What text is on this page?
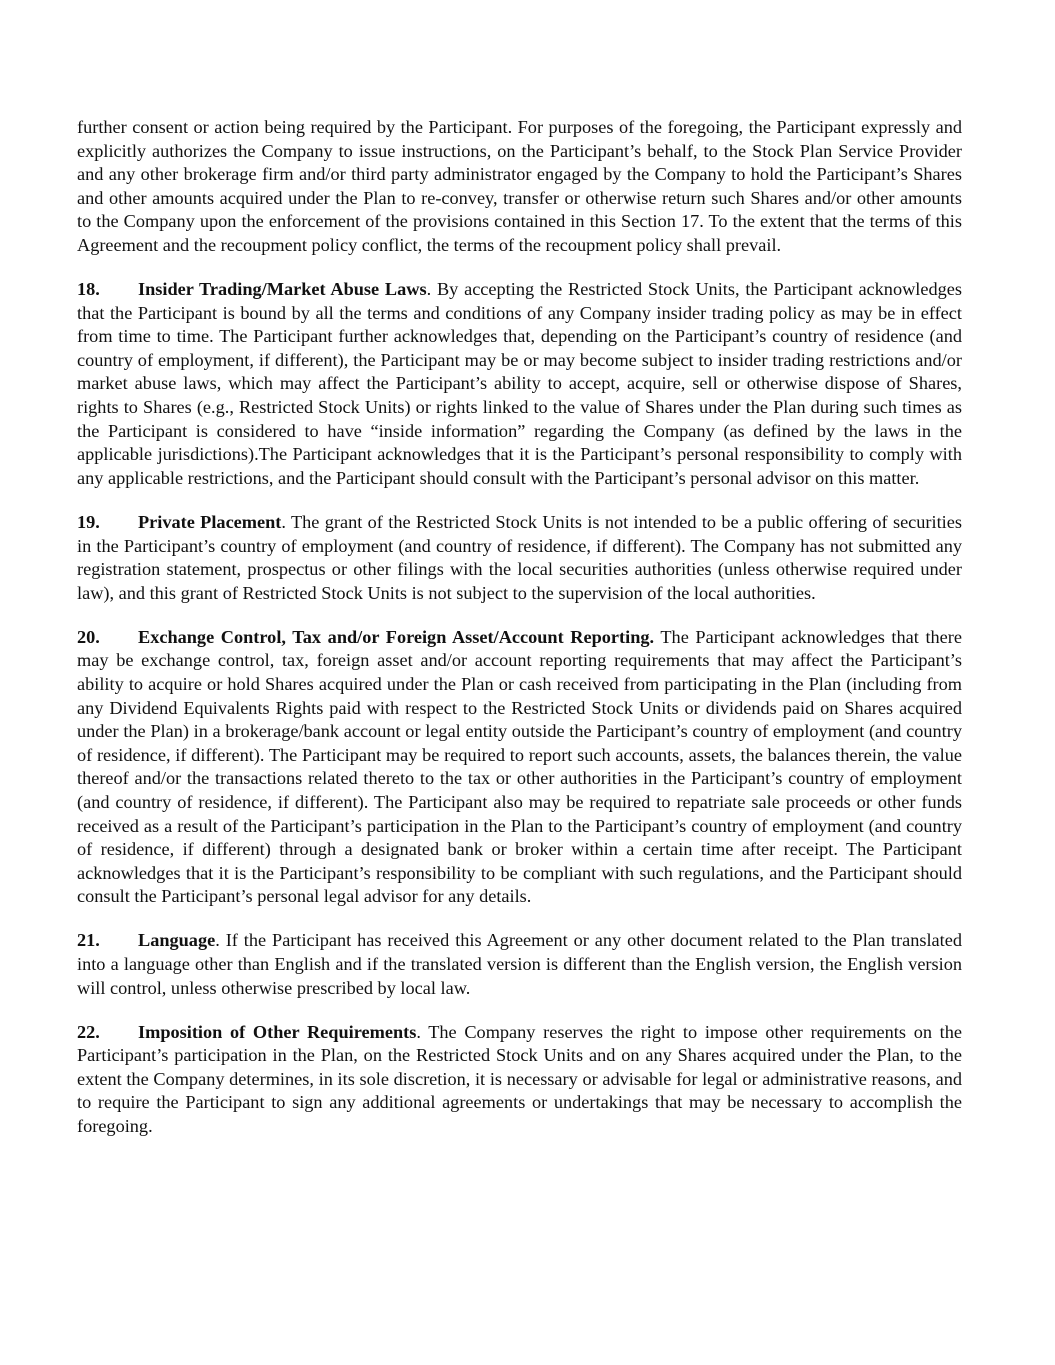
further consent or action being required by the Participant. For purposes of the foregoing, the Participant expressly and explicitly authorizes the Company to issue instructions, on the Participant’s behalf, to the Stock Plan Service Provider and any other brokerage firm and/or third party administrator engaged by the Company to hold the Participant’s Shares and other amounts acquired under the Plan to re-convey, transfer or otherwise return such Shares and/or other amounts to the Company upon the enforcement of the provisions contained in this Section 17. To the extent that the terms of this Agreement and the recoupment policy conflict, the terms of the recoupment policy shall prevail.

18. Insider Trading/Market Abuse Laws. By accepting the Restricted Stock Units, the Participant acknowledges that the Participant is bound by all the terms and conditions of any Company insider trading policy as may be in effect from time to time. The Participant further acknowledges that, depending on the Participant’s country of residence (and country of employment, if different), the Participant may be or may become subject to insider trading restrictions and/or market abuse laws, which may affect the Participant’s ability to accept, acquire, sell or otherwise dispose of Shares, rights to Shares (e.g., Restricted Stock Units) or rights linked to the value of Shares under the Plan during such times as the Participant is considered to have “inside information” regarding the Company (as defined by the laws in the applicable jurisdictions).The Participant acknowledges that it is the Participant’s personal responsibility to comply with any applicable restrictions, and the Participant should consult with the Participant’s personal advisor on this matter.

19. Private Placement. The grant of the Restricted Stock Units is not intended to be a public offering of securities in the Participant’s country of employment (and country of residence, if different). The Company has not submitted any registration statement, prospectus or other filings with the local securities authorities (unless otherwise required under law), and this grant of Restricted Stock Units is not subject to the supervision of the local authorities.

20. Exchange Control, Tax and/or Foreign Asset/Account Reporting. The Participant acknowledges that there may be exchange control, tax, foreign asset and/or account reporting requirements that may affect the Participant’s ability to acquire or hold Shares acquired under the Plan or cash received from participating in the Plan (including from any Dividend Equivalents Rights paid with respect to the Restricted Stock Units or dividends paid on Shares acquired under the Plan) in a brokerage/bank account or legal entity outside the Participant’s country of employment (and country of residence, if different). The Participant may be required to report such accounts, assets, the balances therein, the value thereof and/or the transactions related thereto to the tax or other authorities in the Participant’s country of employment (and country of residence, if different). The Participant also may be required to repatriate sale proceeds or other funds received as a result of the Participant’s participation in the Plan to the Participant’s country of employment (and country of residence, if different) through a designated bank or broker within a certain time after receipt. The Participant acknowledges that it is the Participant’s responsibility to be compliant with such regulations, and the Participant should consult the Participant’s personal legal advisor for any details.

21. Language. If the Participant has received this Agreement or any other document related to the Plan translated into a language other than English and if the translated version is different than the English version, the English version will control, unless otherwise prescribed by local law.

22. Imposition of Other Requirements. The Company reserves the right to impose other requirements on the Participant’s participation in the Plan, on the Restricted Stock Units and on any Shares acquired under the Plan, to the extent the Company determines, in its sole discretion, it is necessary or advisable for legal or administrative reasons, and to require the Participant to sign any additional agreements or undertakings that may be necessary to accomplish the foregoing.
